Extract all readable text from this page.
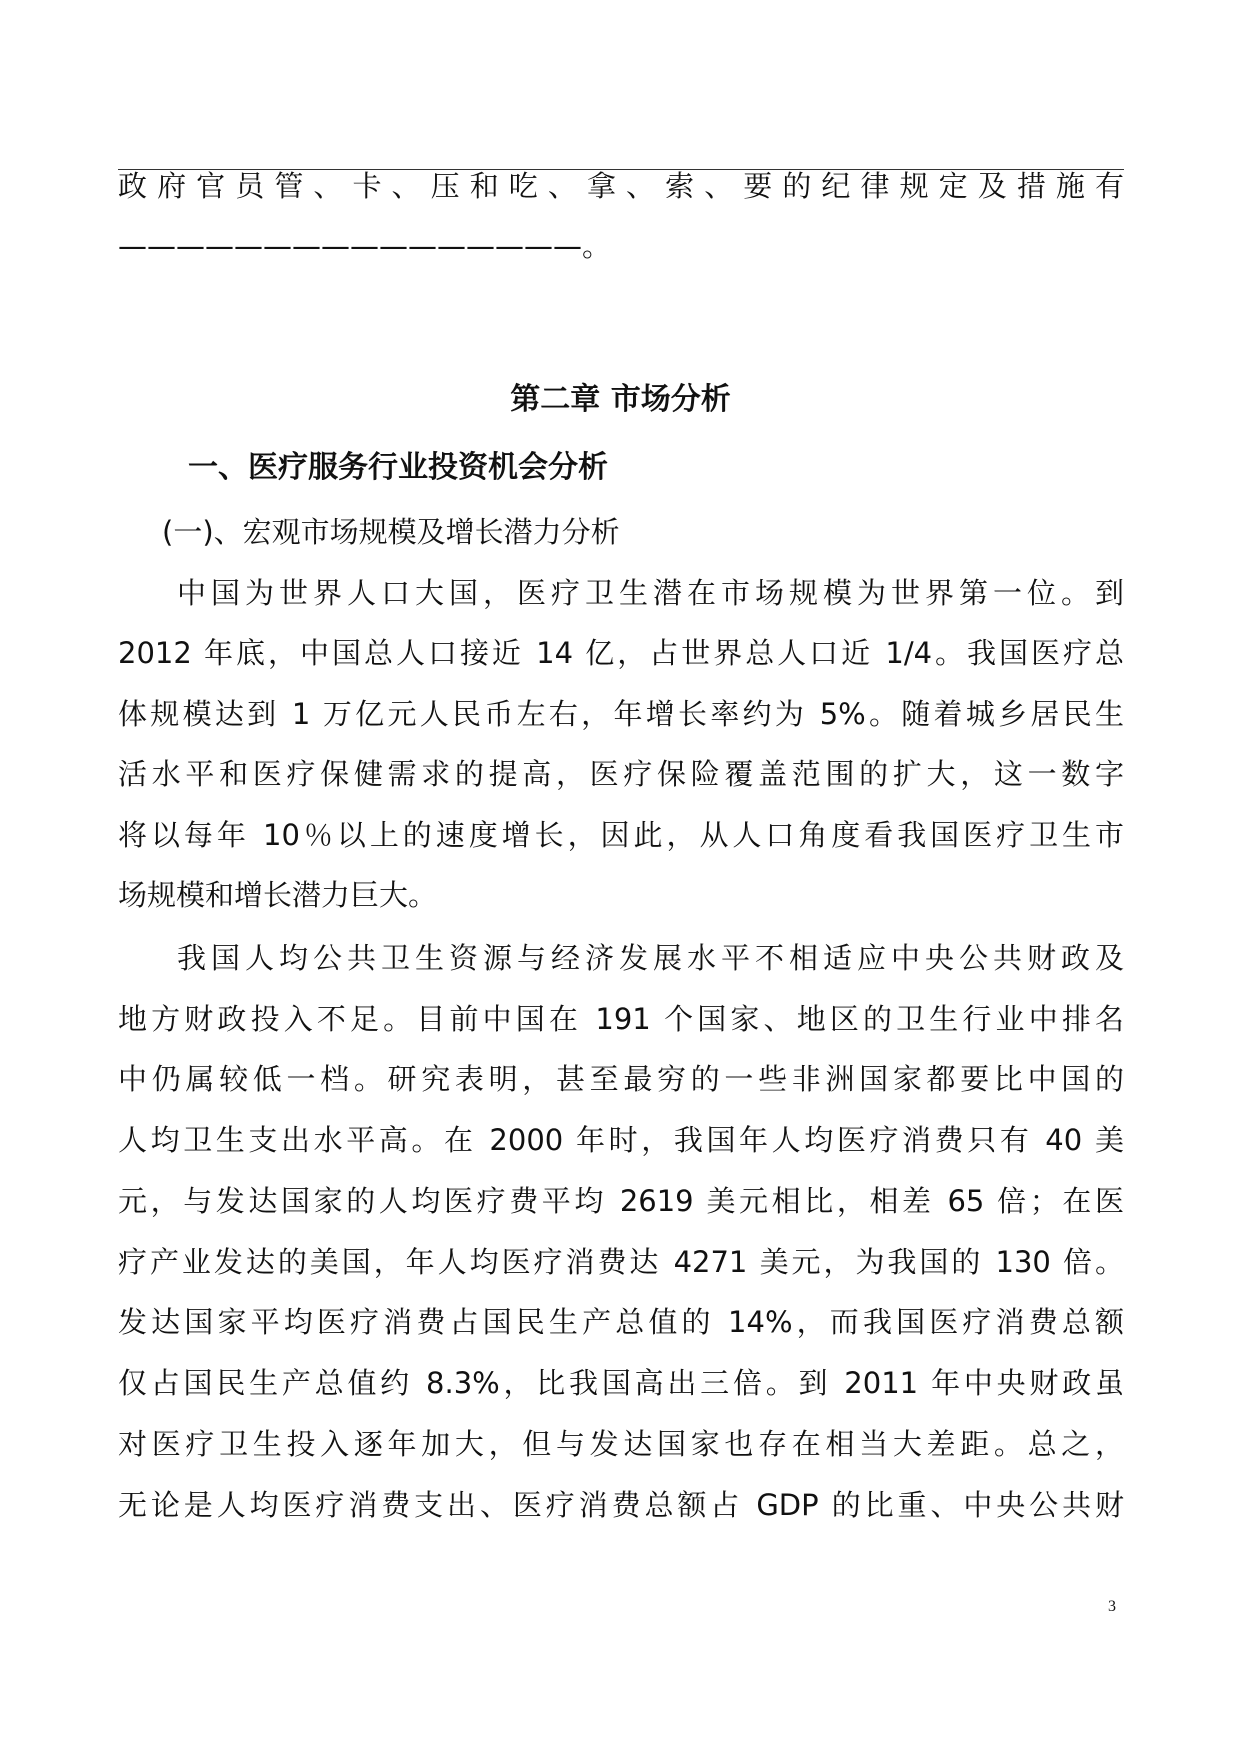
政府官员管、卡、压和吃、拿、索、要的纪律规定及措施有
————————————————。
第二章 市场分析
一、医疗服务行业投资机会分析
(一)、宏观市场规模及增长潜力分析
中国为世界人口大国，医疗卫生潜在市场规模为世界第一位。到
2012 年底，中国总人口接近 14 亿，占世界总人口近 1/4。我国医疗总
体规模达到 1 万亿元人民币左右，年增长率约为 5%。随着城乡居民生
活水平和医疗保健需求的提高，医疗保险覆盖范围的扩大，这一数字
将以每年 10％以上的速度增长，因此，从人口角度看我国医疗卫生市
场规模和增长潜力巨大。
我国人均公共卫生资源与经济发展水平不相适应中央公共财政及
地方财政投入不足。目前中国在 191 个国家、地区的卫生行业中排名
中仍属较低一档。研究表明，甚至最穷的一些非洲国家都要比中国的
人均卫生支出水平高。在 2000 年时，我国年人均医疗消费只有 40 美
元，与发达国家的人均医疗费平均 2619 美元相比，相差 65 倍；在医
疗产业发达的美国，年人均医疗消费达 4271 美元，为我国的 130 倍。
发达国家平均医疗消费占国民生产总值的 14%，而我国医疗消费总额
仅占国民生产总值约 8.3%，比我国高出三倍。到 2011 年中央财政虽
对医疗卫生投入逐年加大，但与发达国家也存在相当大差距。总之，
无论是人均医疗消费支出、医疗消费总额占 GDP 的比重、中央公共财
3
